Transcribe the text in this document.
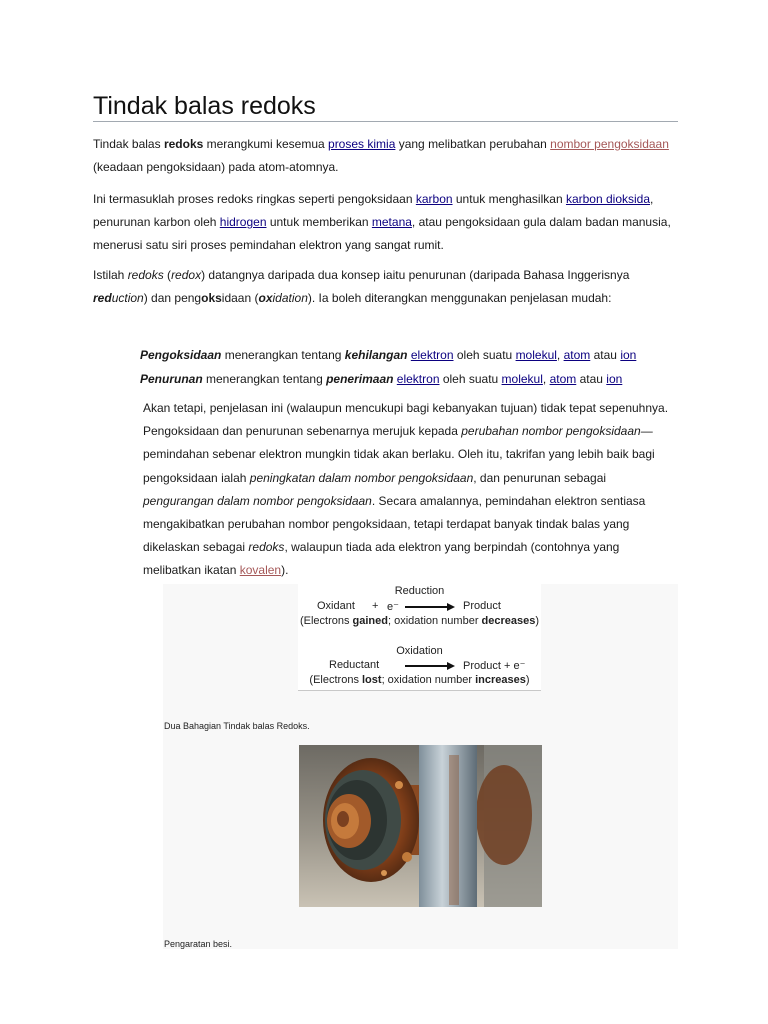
Tindak balas redoks

Tindak balas redoks merangkumi kesemua proses kimia yang melibatkan perubahan nombor pengoksidaan (keadaan pengoksidaan) pada atom-atomnya.

Ini termasuklah proses redoks ringkas seperti pengoksidaan karbon untuk menghasilkan karbon dioksida, penurunan karbon oleh hidrogen untuk memberikan metana, atau pengoksidaan gula dalam badan manusia, menerusi satu siri proses pemindahan elektron yang sangat rumit.

Istilah redoks (redox) datangnya daripada dua konsep iaitu penurunan (daripada Bahasa Inggerisnya reduction) dan pengoksidaan (oxidation). Ia boleh diterangkan menggunakan penjelasan mudah:

Pengoksidaan menerangkan tentang kehilangan elektron oleh suatu molekul, atom atau ion

Penurunan menerangkan tentang penerimaan elektron oleh suatu molekul, atom atau ion

Akan tetapi, penjelasan ini (walaupun mencukupi bagi kebanyakan tujuan) tidak tepat sepenuhnya. Pengoksidaan dan penurunan sebenarnya merujuk kepada perubahan nombor pengoksidaan—pemindahan sebenar elektron mungkin tidak akan berlaku. Oleh itu, takrifan yang lebih baik bagi pengoksidaan ialah peningkatan dalam nombor pengoksidaan, dan penurunan sebagai pengurangan dalam nombor pengoksidaan. Secara amalannya, pemindahan elektron sentiasa mengakibatkan perubahan nombor pengoksidaan, tetapi terdapat banyak tindak balas yang dikelaskan sebagai redoks, walaupun tiada ada elektron yang berpindah (contohnya yang melibatkan ikatan kovalen).

Reduction
Oxidant + e⁻	Product
(Electrons gained; oxidation number decreases)
Oxidation
Reductant	Product + e⁻
(Electrons lost; oxidation number increases)
Dua Bahagian Tindak balas Redoks.
Pengaratan besi.
